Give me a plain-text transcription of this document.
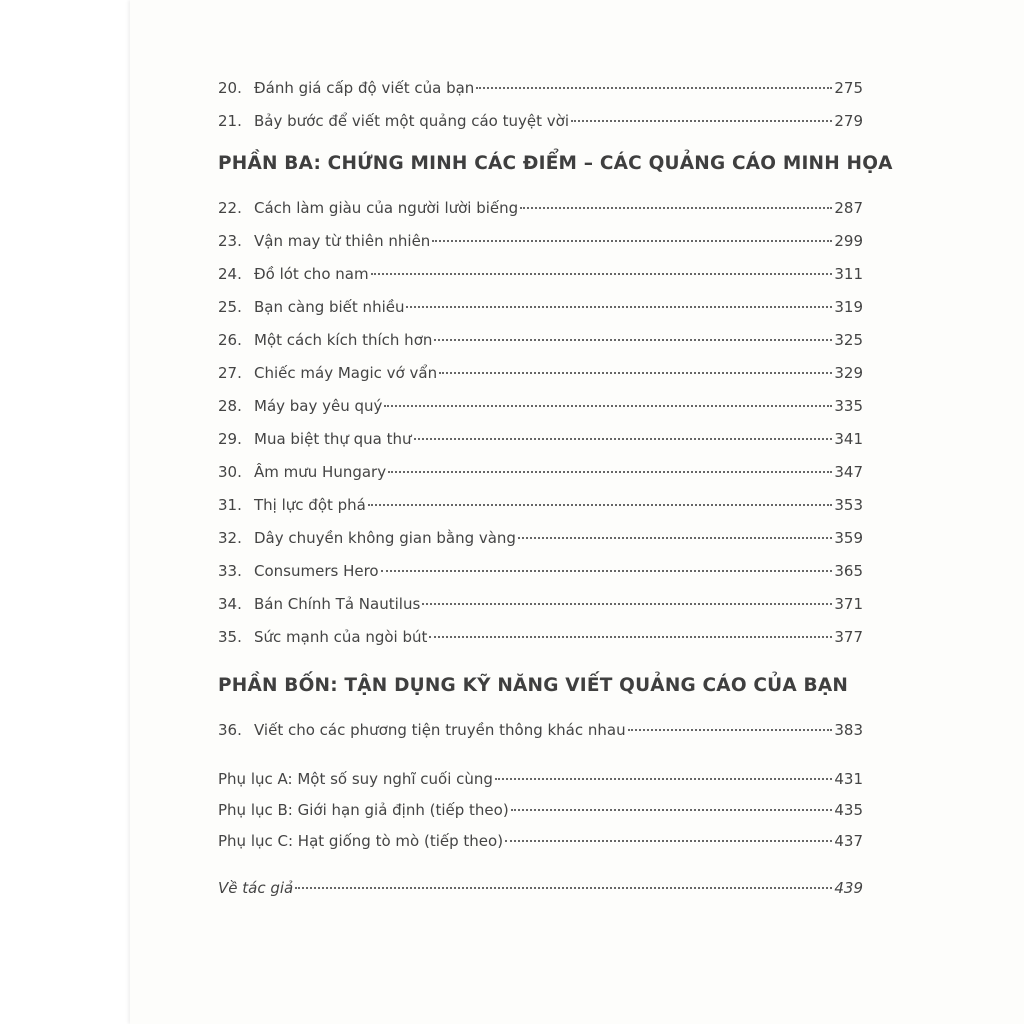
20. Đánh giá cấp độ viết của bạn	275
21. Bảy bước để viết một quảng cáo tuyệt vời	279
PHẦN BA: CHỨNG MINH CÁC ĐIỂM – CÁC QUẢNG CÁO MINH HỌA
22. Cách làm giàu của người lười biếng	287
23. Vận may từ thiên nhiên	299
24. Đồ lót cho nam	311
25. Bạn càng biết nhiều	319
26. Một cách kích thích hơn	325
27. Chiếc máy Magic vớ vẩn	329
28. Máy bay yêu quý	335
29. Mua biệt thự qua thư	341
30. Âm mưu Hungary	347
31. Thị lực đột phá	353
32. Dây chuyền không gian bằng vàng	359
33. Consumers Hero	365
34. Bán Chính Tả Nautilus	371
35. Sức mạnh của ngòi bút	377
PHẦN BỐN: TẬN DỤNG KỸ NĂNG VIẾT QUẢNG CÁO CỦA BẠN
36. Viết cho các phương tiện truyền thông khác nhau	383
Phụ lục A: Một số suy nghĩ cuối cùng	431
Phụ lục B: Giới hạn giả định (tiếp theo)	435
Phụ lục C: Hạt giống tò mò (tiếp theo)	437
Về tác giả	439
